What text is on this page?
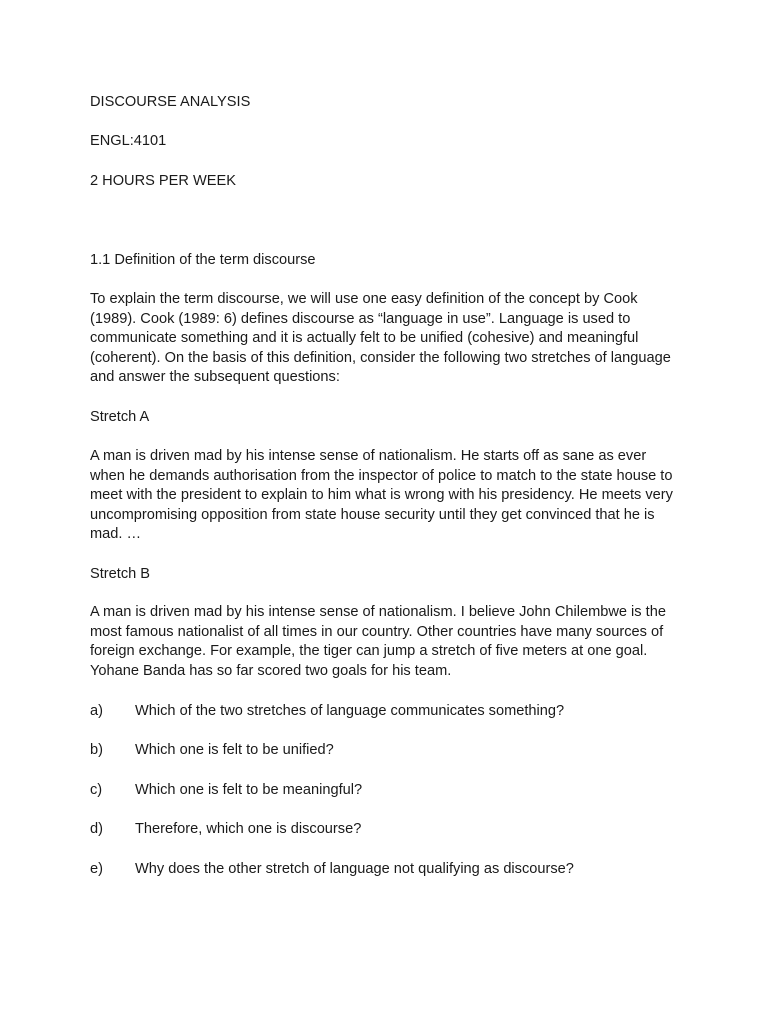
DISCOURSE ANALYSIS

ENGL:4101

2 HOURS PER WEEK

1.1 Definition of the term discourse

To explain the term discourse, we will use one easy definition of the concept by Cook (1989). Cook (1989: 6) defines discourse as “language in use”. Language is used to communicate something and it is actually felt to be unified (cohesive) and meaningful (coherent). On the basis of this definition, consider the following two stretches of language and answer the subsequent questions:

Stretch A

A man is driven mad by his intense sense of nationalism. He starts off as sane as ever when he demands authorisation from the inspector of police to match to the state house to meet with the president to explain to him what is wrong with his presidency. He meets very uncompromising opposition from state house security until they get convinced that he is mad. …

Stretch B

A man is driven mad by his intense sense of nationalism. I believe John Chilembwe is the most famous nationalist of all times in our country. Other countries have many sources of foreign exchange. For example, the tiger can jump a stretch of five meters at one goal. Yohane Banda has so far scored two goals for his team.

a) Which of the two stretches of language communicates something?

b) Which one is felt to be unified?

c) Which one is felt to be meaningful?

d) Therefore, which one is discourse?

e) Why does the other stretch of language not qualifying as discourse?
